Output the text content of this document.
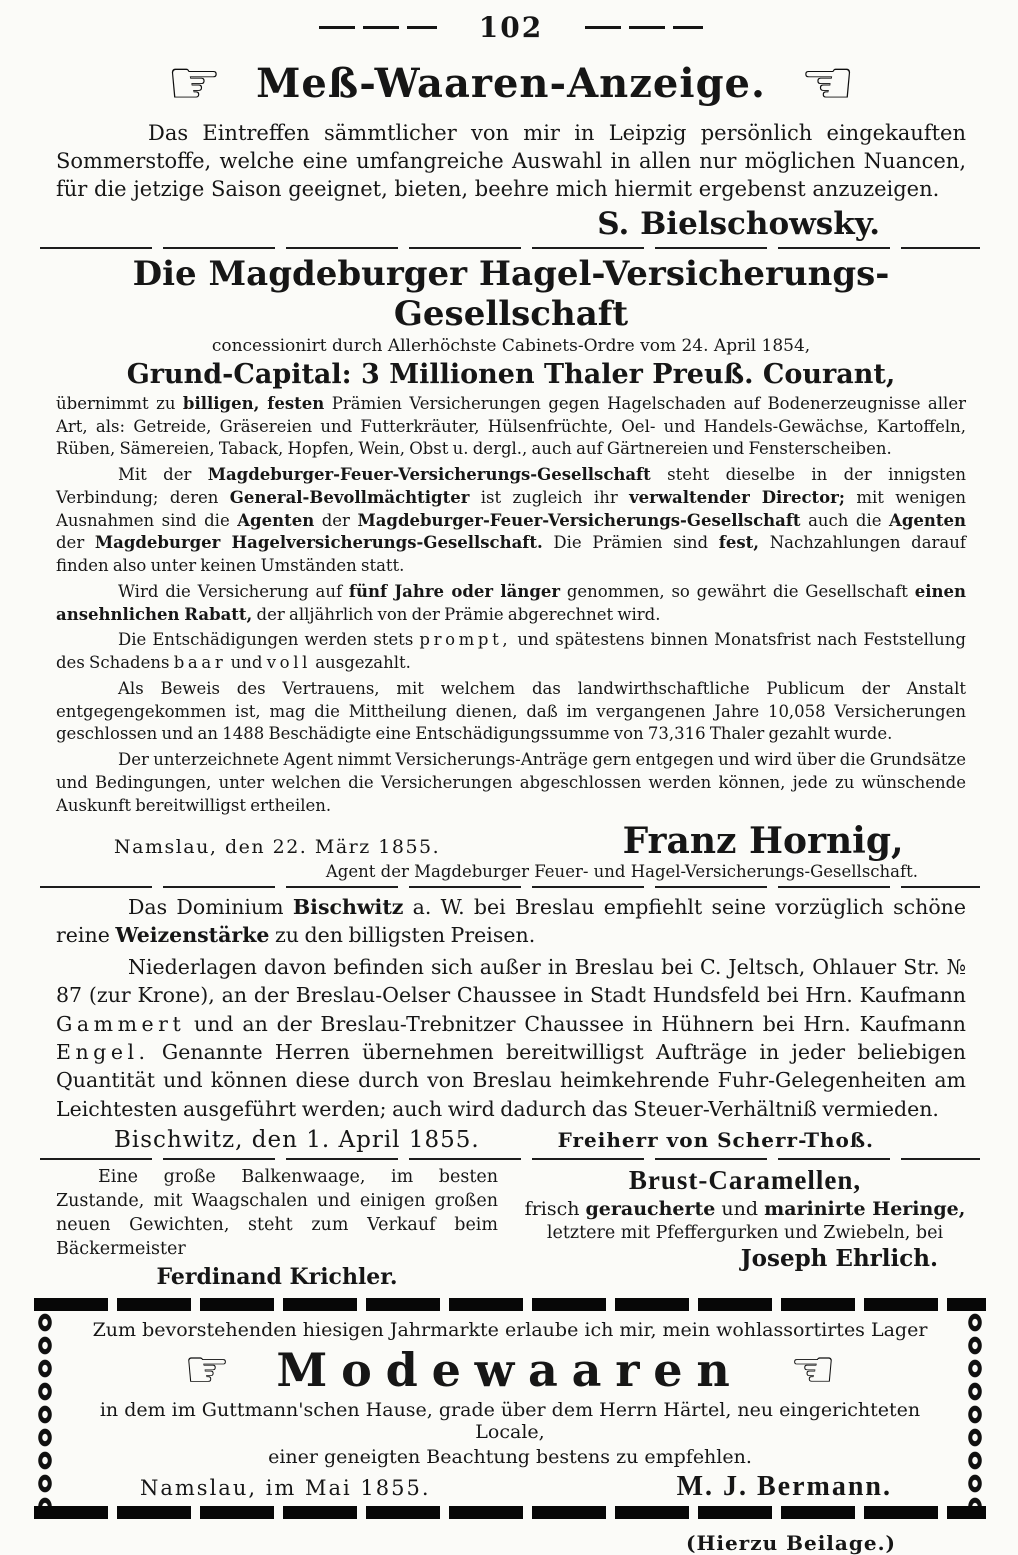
102
☞ Meß-Waaren-Anzeige. ☜

Das Eintreffen sämmtlicher von mir in Leipzig persönlich eingekauften Sommerstoffe, welche eine umfangreiche Auswahl in allen nur möglichen Nuancen, für die jetzige Saison geeignet, bieten, beehre mich hiermit ergebenst anzuzeigen.

S. Bielschowsky.
Die Magdeburger Hagel-Versicherungs-Gesellschaft
concessionirt durch Allerhöchste Cabinets-Ordre vom 24. April 1854,
Grund-Capital: 3 Millionen Thaler Preuß. Courant,

übernimmt zu billigen, festen Prämien Versicherungen gegen Hagelschaden auf Bodenerzeugnisse aller Art, als: Getreide, Gräsereien und Futterkräuter, Hülsenfrüchte, Oel- und Handels-Gewächse, Kartoffeln, Rüben, Sämereien, Taback, Hopfen, Wein, Obst u. dergl., auch auf Gärtnereien und Fensterscheiben.

Mit der Magdeburger-Feuer-Versicherungs-Gesellschaft steht dieselbe in der innigsten Verbindung; deren General-Bevollmächtigter ist zugleich ihr verwaltender Director; mit wenigen Ausnahmen sind die Agenten der Magdeburger-Feuer-Versicherungs-Gesellschaft auch die Agenten der Magdeburger Hagelversicherungs-Gesellschaft. Die Prämien sind fest, Nachzahlungen darauf finden also unter keinen Umständen statt.

Wird die Versicherung auf fünf Jahre oder länger genommen, so gewährt die Gesellschaft einen ansehnlichen Rabatt, der alljährlich von der Prämie abgerechnet wird.

Die Entschädigungen werden stets prompt, und spätestens binnen Monatsfrist nach Feststellung des Schadens baar und voll ausgezahlt.

Als Beweis des Vertrauens, mit welchem das landwirthschaftliche Publicum der Anstalt entgegengekommen ist, mag die Mittheilung dienen, daß im vergangenen Jahre 10,058 Versicherungen geschlossen und an 1488 Beschädigte eine Entschädigungssumme von 73,316 Thaler gezahlt wurde.

Der unterzeichnete Agent nimmt Versicherungs-Anträge gern entgegen und wird über die Grundsätze und Bedingungen, unter welchen die Versicherungen abgeschlossen werden können, jede zu wünschende Auskunft bereitwilligst ertheilen.

Namslau, den 22. März 1855.	Franz Hornig,
Agent der Magdeburger Feuer- und Hagel-Versicherungs-Gesellschaft.

Das Dominium Bischwitz a. W. bei Breslau empfiehlt seine vorzüglich schöne reine Weizenstärke zu den billigsten Preisen.

Niederlagen davon befinden sich außer in Breslau bei C. Jeltsch, Ohlauer Str. № 87 (zur Krone), an der Breslau-Oelser Chaussee in Stadt Hundsfeld bei Hrn. Kaufmann Gammert und an der Breslau-Trebnitzer Chaussee in Hühnern bei Hrn. Kaufmann Engel. Genannte Herren übernehmen bereitwilligst Aufträge in jeder beliebigen Quantität und können diese durch von Breslau heimkehrende Fuhr-Gelegenheiten am Leichtesten ausgeführt werden; auch wird dadurch das Steuer-Verhältniß vermieden.

Bischwitz, den 1. April 1855.	Freiherr von Scherr-Thoß.

Eine große Balkenwaage, im besten Zustande, mit Waagschalen und einigen großen neuen Gewichten, steht zum Verkauf beim Bäckermeister

Ferdinand Krichler.
Brust-Caramellen,
frisch geraucherte und marinirte Heringe,
letztere mit Pfeffergurken und Zwiebeln, bei
Joseph Ehrlich.
Zum bevorstehenden hiesigen Jahrmarkte erlaube ich mir, mein wohlassortirtes Lager
☞ Modewaaren ☜
in dem im Guttmann'schen Hause, grade über dem Herrn Härtel, neu eingerichteten Locale,
einer geneigten Beachtung bestens zu empfehlen.
Namslau, im Mai 1855.	M. J. Bermann.
(Hierzu Beilage.)
